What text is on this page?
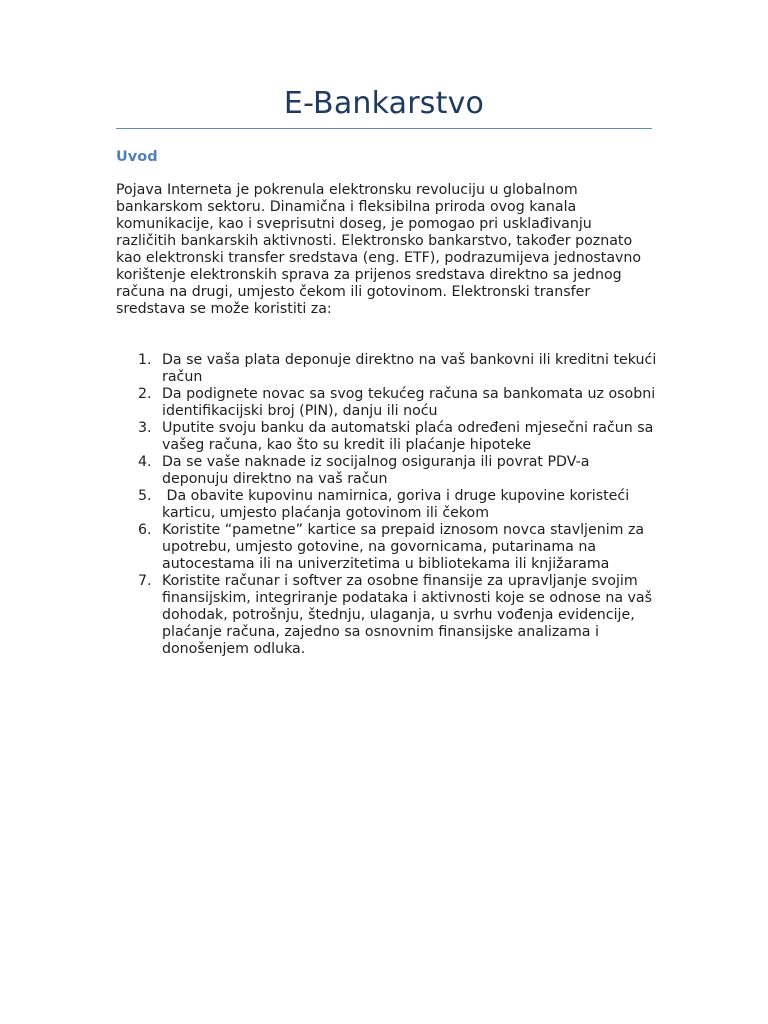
E-Bankarstvo
Uvod

Pojava Interneta je pokrenula elektronsku revoluciju u globalnom bankarskom sektoru. Dinamična i fleksibilna priroda ovog kanala komunikacije, kao i sveprisutni doseg, je pomogao pri usklađivanju različitih bankarskih aktivnosti. Elektronsko bankarstvo, također poznato kao elektronski transfer sredstava (eng. ETF), podrazumijeva jednostavno korištenje elektronskih sprava za prijenos sredstava direktno sa jednog računa na drugi, umjesto čekom ili gotovinom. Elektronski transfer sredstava se može koristiti za:

1. Da se vaša plata deponuje direktno na vaš bankovni ili kreditni tekući račun
2. Da podignete novac sa svog tekućeg računa sa bankomata uz osobni identifikacijski broj (PIN), danju ili noću
3. Uputite svoju banku da automatski plaća određeni mjesečni račun sa vašeg računa, kao što su kredit ili plaćanje hipoteke
4. Da se vaše naknade iz socijalnog osiguranja ili povrat PDV-a deponuju direktno na vaš račun
5. Da obavite kupovinu namirnica, goriva i druge kupovine koristeći karticu, umjesto plaćanja gotovinom ili čekom
6. Koristite “pametne” kartice sa prepaid iznosom novca stavljenim za upotrebu, umjesto gotovine, na govornicama, putarinama na autocestama ili na univerzitetima u bibliotekama ili knjižarama
7. Koristite računar i softver za osobne finansije za upravljanje svojim finansijskim, integriranje podataka i aktivnosti koje se odnose na vaš dohodak, potrošnju, štednju, ulaganja, u svrhu vođenja evidencije, plaćanje računa, zajedno sa osnovnim finansijske analizama i donošenjem odluka.
